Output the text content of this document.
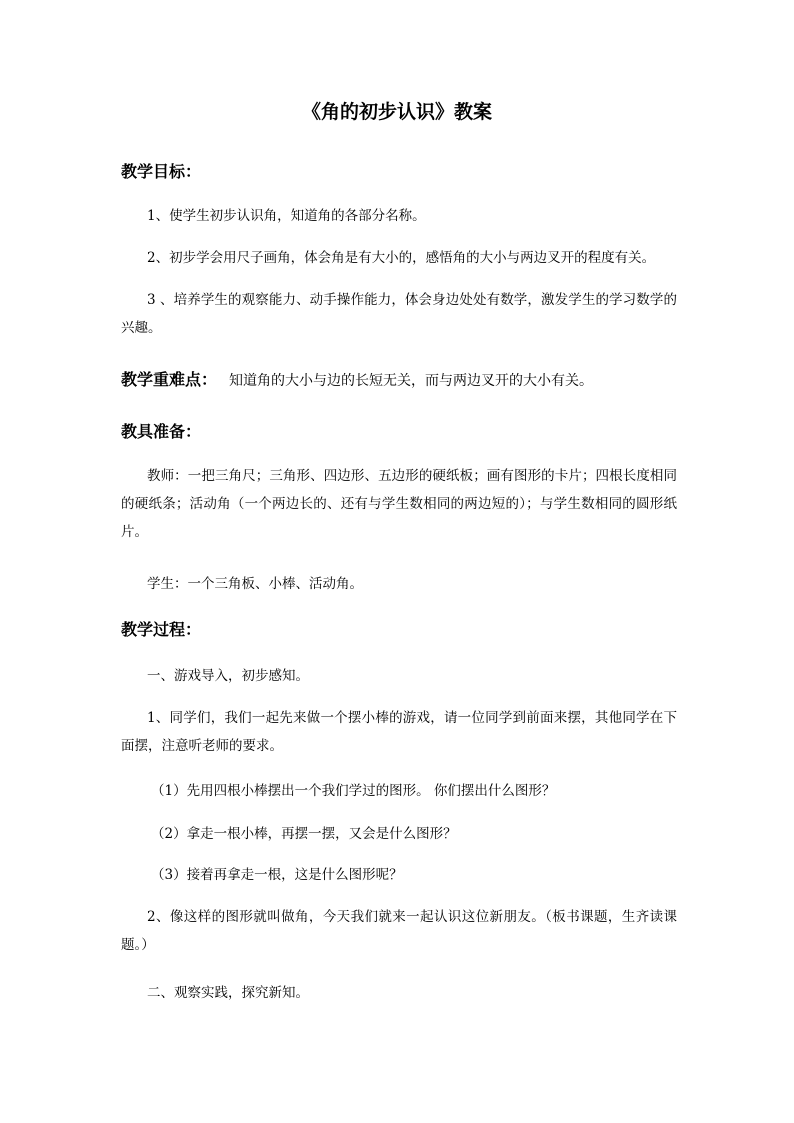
《角的初步认识》教案
教学目标：

1、使学生初步认识角，知道角的各部分名称。

2、初步学会用尺子画角，体会角是有大小的，感悟角的大小与两边叉开的程度有关。

3 、培养学生的观察能力、动手操作能力，体会身边处处有数学，激发学生的学习数学的兴趣。

教学重难点： 知道角的大小与边的长短无关，而与两边叉开的大小有关。
教具准备：

教师：一把三角尺；三角形、四边形、五边形的硬纸板；画有图形的卡片；四根长度相同的硬纸条；活动角（一个两边长的、还有与学生数相同的两边短的）；与学生数相同的圆形纸片。

学生：一个三角板、小棒、活动角。

教学过程：

一、游戏导入，初步感知。

1、同学们，我们一起先来做一个摆小棒的游戏，请一位同学到前面来摆，其他同学在下面摆，注意听老师的要求。

（1）先用四根小棒摆出一个我们学过的图形。 你们摆出什么图形？

（2）拿走一根小棒，再摆一摆，又会是什么图形？

（3）接着再拿走一根，这是什么图形呢？

2、像这样的图形就叫做角，今天我们就来一起认识这位新朋友。（板书课题，生齐读课题。）

二、观察实践，探究新知。
